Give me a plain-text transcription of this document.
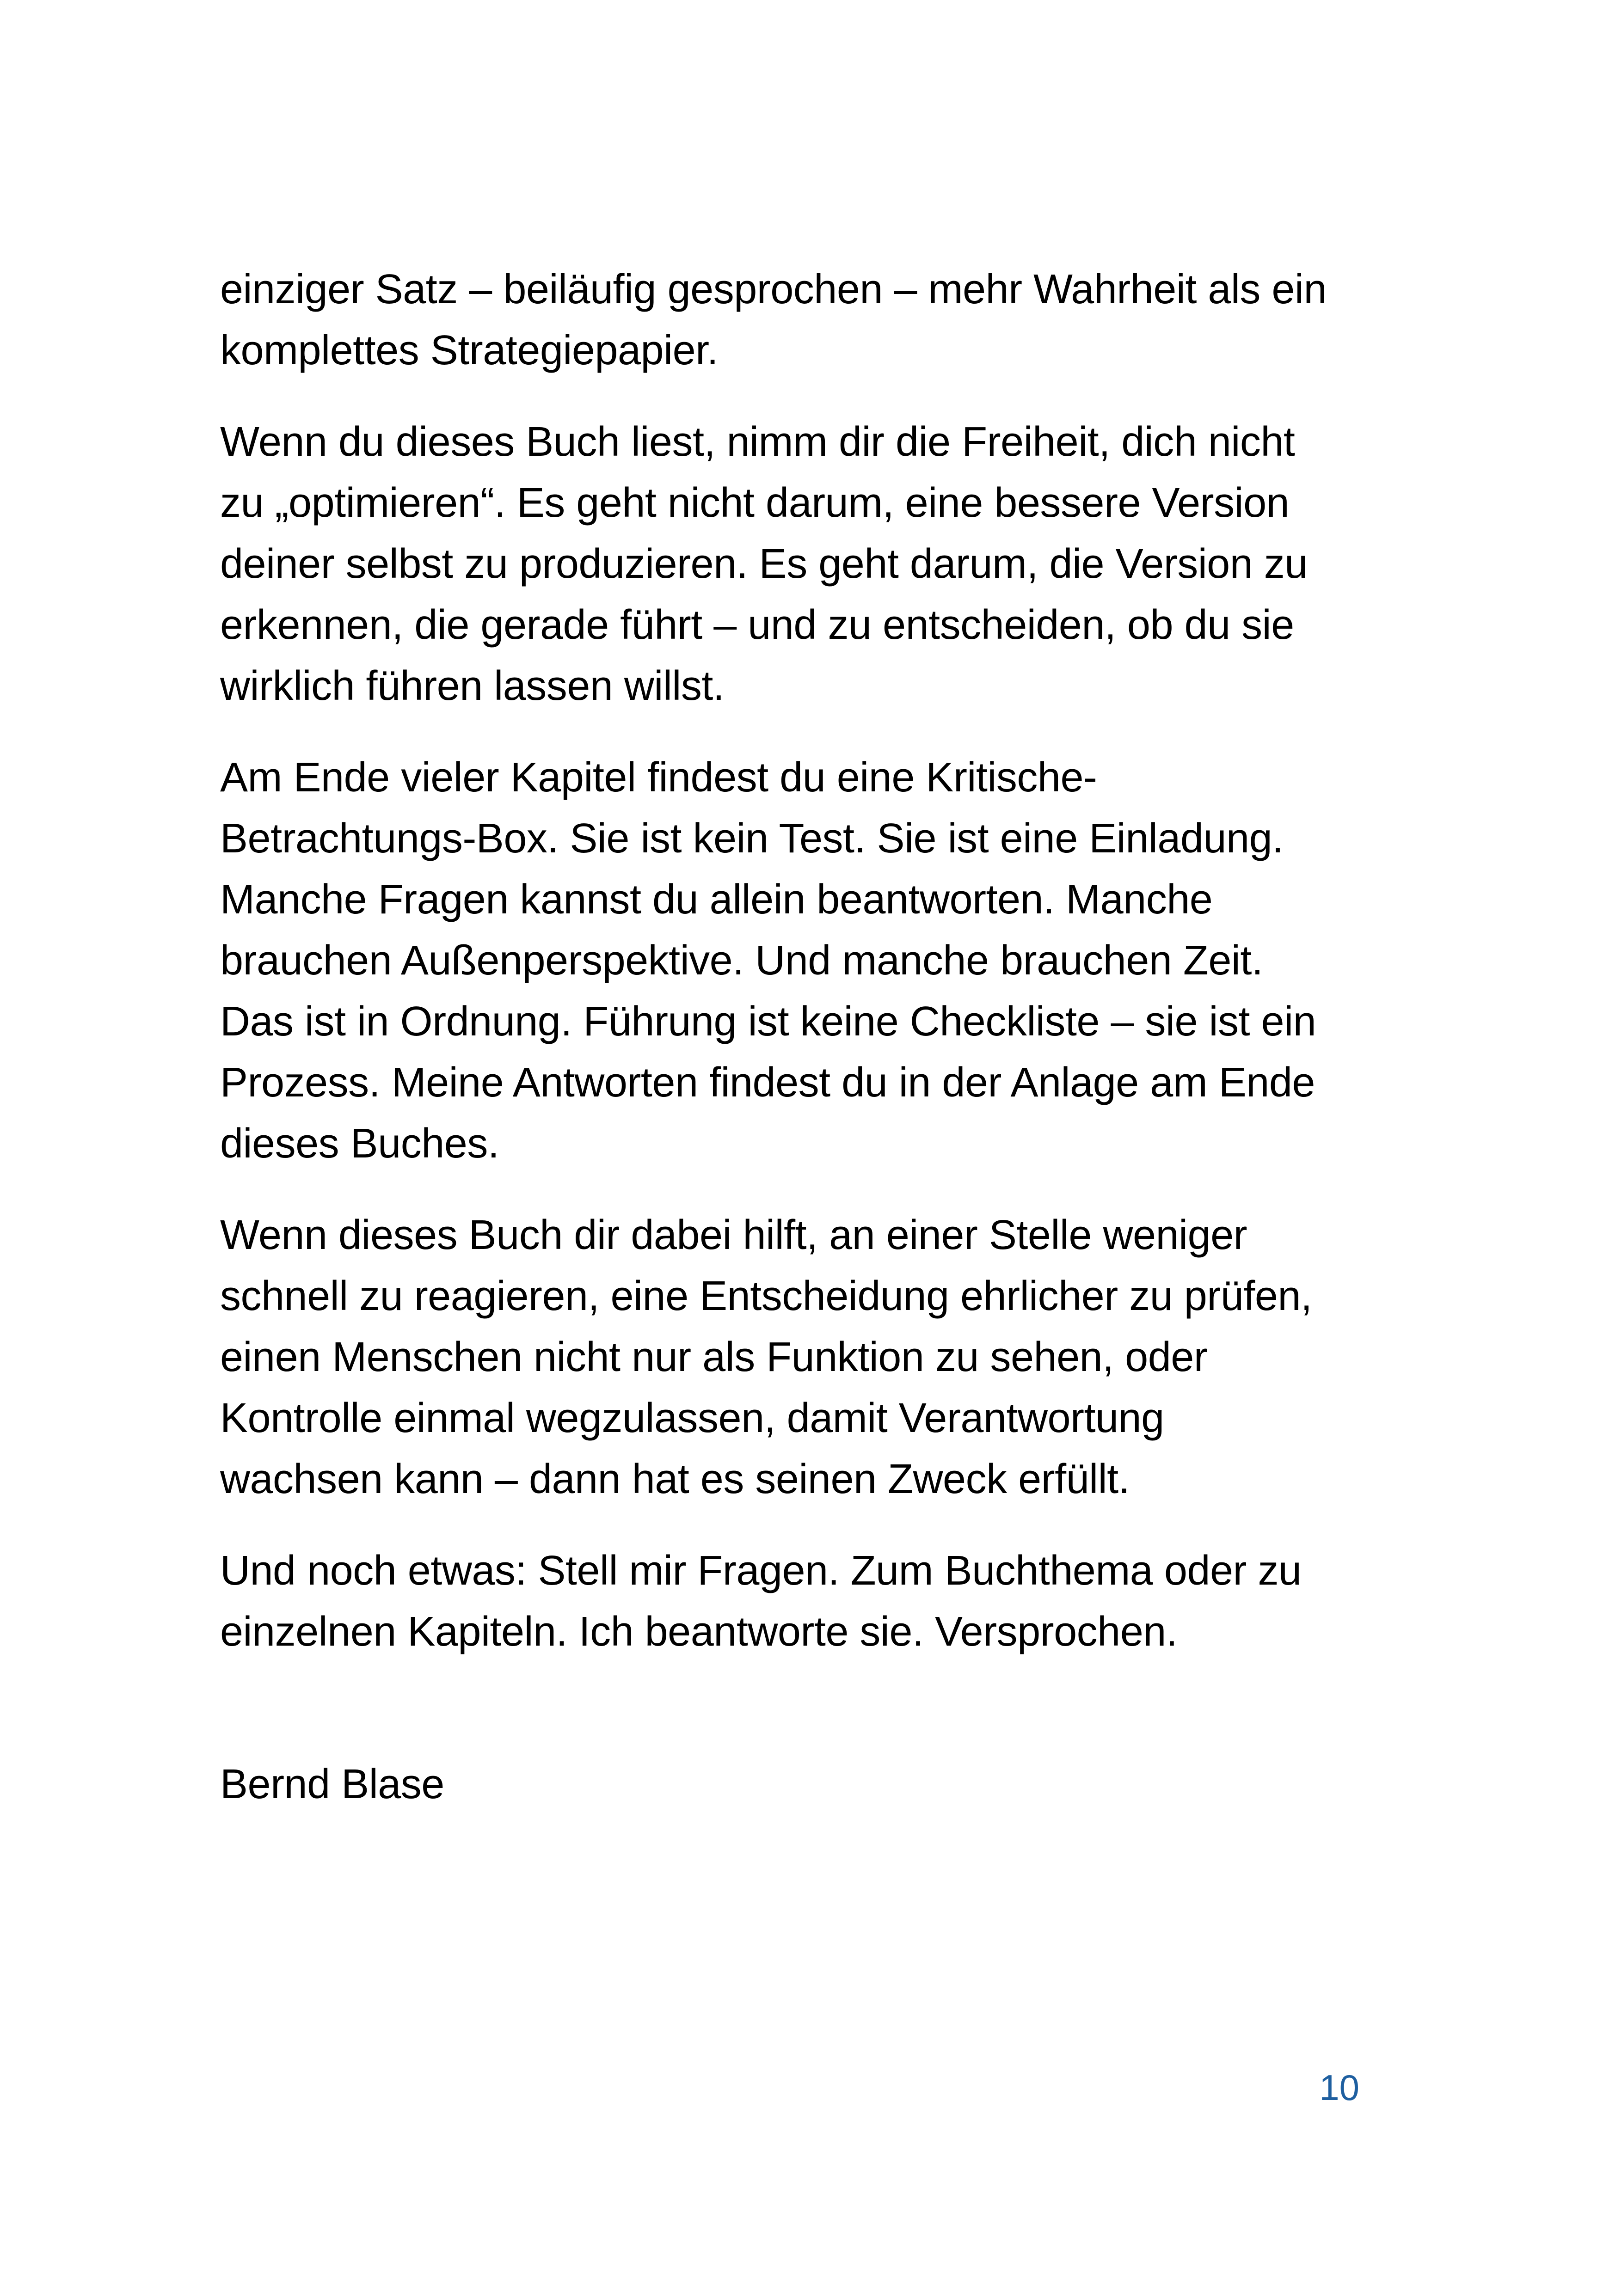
einziger Satz – beiläufig gesprochen – mehr Wahrheit als ein
komplettes Strategiepapier.

Wenn du dieses Buch liest, nimm dir die Freiheit, dich nicht
zu „optimieren“. Es geht nicht darum, eine bessere Version
deiner selbst zu produzieren. Es geht darum, die Version zu
erkennen, die gerade führt – und zu entscheiden, ob du sie
wirklich führen lassen willst.

Am Ende vieler Kapitel findest du eine Kritische-
Betrachtungs-Box. Sie ist kein Test. Sie ist eine Einladung.
Manche Fragen kannst du allein beantworten. Manche
brauchen Außenperspektive. Und manche brauchen Zeit.
Das ist in Ordnung. Führung ist keine Checkliste – sie ist ein
Prozess. Meine Antworten findest du in der Anlage am Ende
dieses Buches.

Wenn dieses Buch dir dabei hilft, an einer Stelle weniger
schnell zu reagieren, eine Entscheidung ehrlicher zu prüfen,
einen Menschen nicht nur als Funktion zu sehen, oder
Kontrolle einmal wegzulassen, damit Verantwortung
wachsen kann – dann hat es seinen Zweck erfüllt.

Und noch etwas: Stell mir Fragen. Zum Buchthema oder zu
einzelnen Kapiteln. Ich beantworte sie. Versprochen.

Bernd Blase

10
